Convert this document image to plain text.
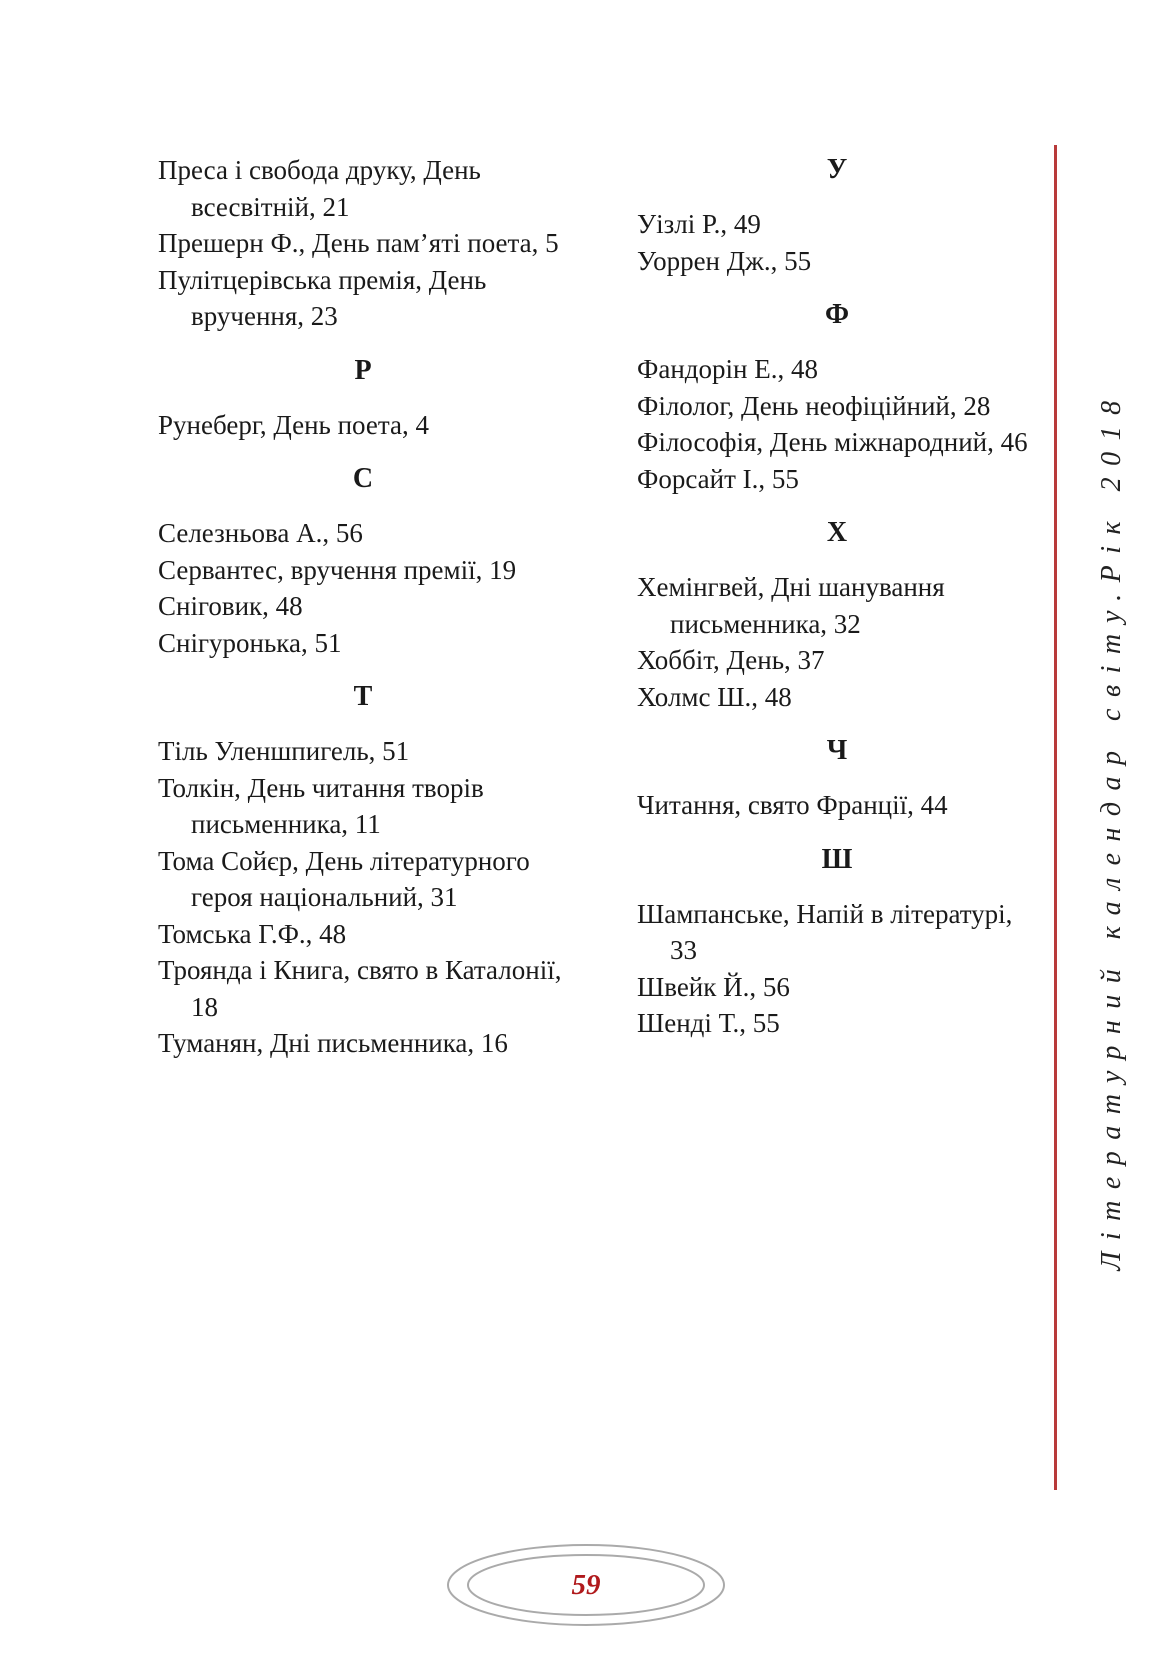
Преса і свобода друку, День всесвітній, 21
Прешерн Ф., День пам’яті поета, 5
Пулітцерівська премія, День вручення, 23
Р
Рунеберг, День поета, 4
С
Селезньова А., 56
Сервантес, вручення премії, 19
Сніговик, 48
Снігуронька, 51
Т
Тіль Уленшпигель, 51
Толкін, День читання творів письменника, 11
Тома Сойєр, День літературного героя національний, 31
Томська Г.Ф., 48
Троянда і Книга, свято в Каталонії, 18
Туманян, Дні письменника, 16
У
Уізлі Р., 49
Уоррен Дж., 55
Ф
Фандорін Е., 48
Філолог, День неофіційний, 28
Філософія, День міжнародний, 46
Форсайт І., 55
Х
Хемінгвей, Дні шанування письменника, 32
Хоббіт, День, 37
Холмс Ш., 48
Ч
Читання, свято Франції, 44
Ш
Шампанське, Напій в літературі, 33
Швейк Й., 56
Шенді Т., 55	Літературний календар світу.Рік 2018
59
